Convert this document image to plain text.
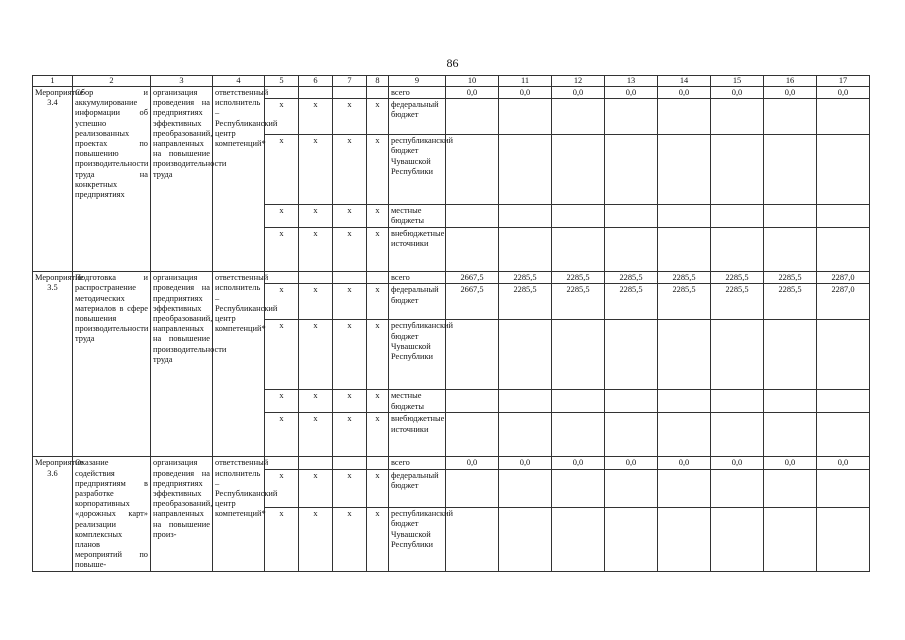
86
1	2	3	4	5	6	7	8	9	10	11	12	13	14	15	16	17
Мероприятие 3.4	Сбор и аккумулирование информации об успешно реализованных проектах по повышению производительности труда на конкретных предприятиях	организация проведения на предприятиях эффективных преобразований, направленных на повышение производительности труда	ответственный исполнитель – Республиканский центр компетенций*					всего	0,0	0,0	0,0	0,0	0,0	0,0	0,0	0,0
				х	х	х	х	федеральный бюджет								
				х	х	х	х	республиканский бюджет Чувашской Республики								
				х	х	х	х	местные бюджеты								
				х	х	х	х	внебюджетные источники								
Мероприятие 3.5	Подготовка и распространение методических материалов в сфере повышения производительности труда	организация проведения на предприятиях эффективных преобразований, направленных на повышение производительности труда	ответственный исполнитель – Республиканский центр компетенций*					всего	2667,5	2285,5	2285,5	2285,5	2285,5	2285,5	2285,5	2287,0
				х	х	х	х	федеральный бюджет	2667,5	2285,5	2285,5	2285,5	2285,5	2285,5	2285,5	2287,0
				х	х	х	х	республиканский бюджет Чувашской Республики								
				х	х	х	х	местные бюджеты								
				х	х	х	х	внебюджетные источники								
Мероприятие 3.6	Оказание содействия предприятиям в разработке корпоративных «дорожных карт» реализации комплексных планов мероприятий по повыше-	организация проведения на предприятиях эффективных преобразований, направленных на повышение произ-	ответственный исполнитель – Республиканский центр компетенций*					всего	0,0	0,0	0,0	0,0	0,0	0,0	0,0	0,0
				х	х	х	х	федеральный бюджет								
				х	х	х	х	республиканский бюджет Чувашской Республики								
